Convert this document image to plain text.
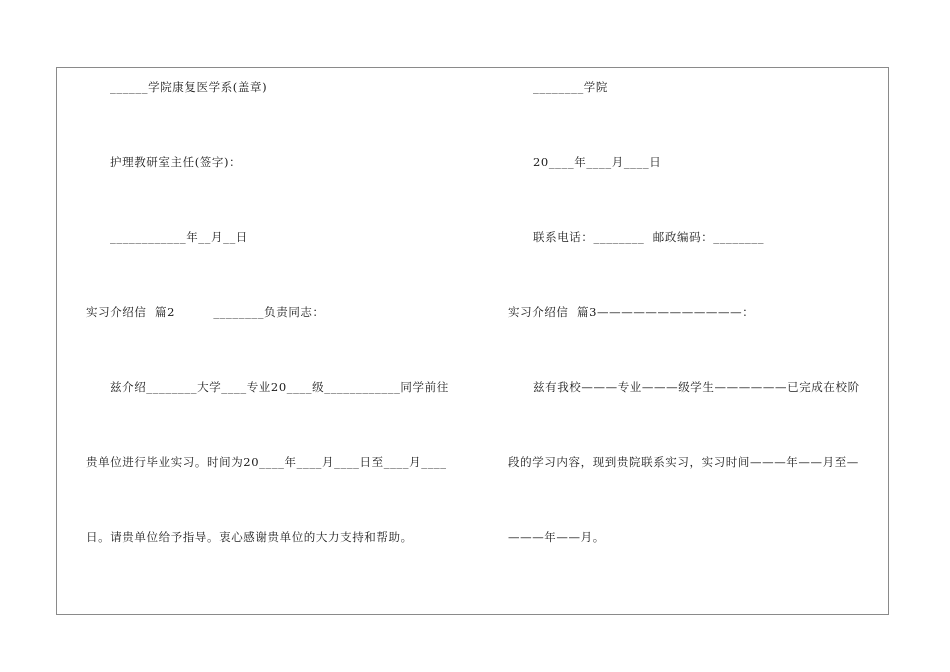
______学院康复医学系(盖章)
护理教研室主任(签字)：
____________年__月__日
实习介绍信  篇2         ________负责同志：
兹介绍________大学____专业20____级____________同学前往
贵单位进行毕业实习。时间为20____年____月____日至____月____
日。请贵单位给予指导。衷心感谢贵单位的大力支持和帮助。
________学院
20____年____月____日
联系电话：________  邮政编码：________
实习介绍信  篇3————————————：
兹有我校———专业———级学生——————已完成在校阶
段的学习内容，现到贵院联系实习，实习时间———年——月至—
———年——月。
